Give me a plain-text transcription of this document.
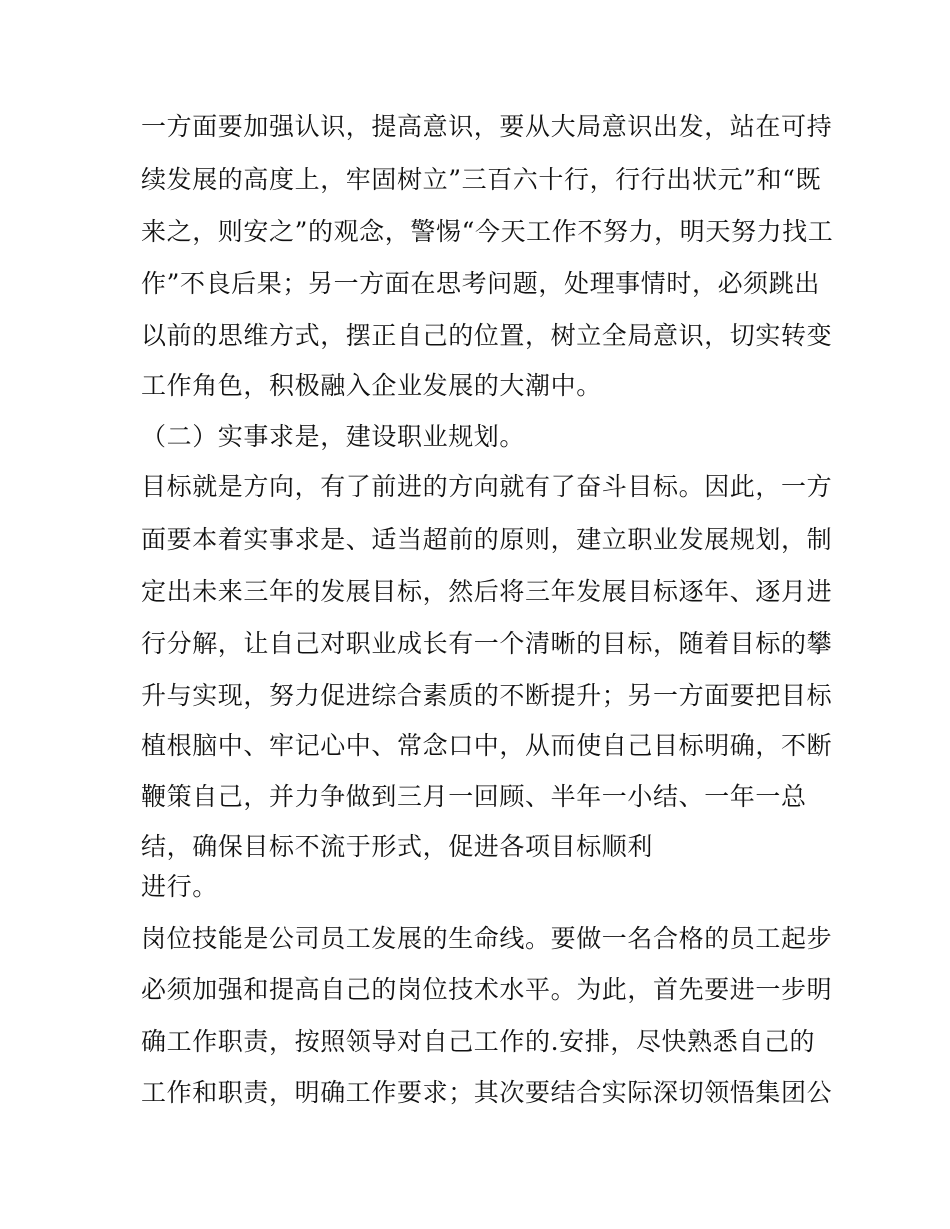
一方面要加强认识，提高意识，要从大局意识出发，站在可持
续发展的高度上，牢固树立”三百六十行，行行出状元”和“既
来之，则安之”的观念，警惕“今天工作不努力，明天努力找工
作”不良后果；另一方面在思考问题，处理事情时，必须跳出
以前的思维方式，摆正自己的位置，树立全局意识，切实转变
工作角色，积极融入企业发展的大潮中。
（二）实事求是，建设职业规划。
目标就是方向，有了前进的方向就有了奋斗目标。因此，一方
面要本着实事求是、适当超前的原则，建立职业发展规划，制
定出未来三年的发展目标，然后将三年发展目标逐年、逐月进
行分解，让自己对职业成长有一个清晰的目标，随着目标的攀
升与实现，努力促进综合素质的不断提升；另一方面要把目标
植根脑中、牢记心中、常念口中，从而使自己目标明确，不断
鞭策自己，并力争做到三月一回顾、半年一小结、一年一总
结，确保目标不流于形式，促进各项目标顺利
进行。
岗位技能是公司员工发展的生命线。要做一名合格的员工起步
必须加强和提高自己的岗位技术水平。为此，首先要进一步明
确工作职责，按照领导对自己工作的.安排，尽快熟悉自己的
工作和职责，明确工作要求；其次要结合实际深切领悟集团公
